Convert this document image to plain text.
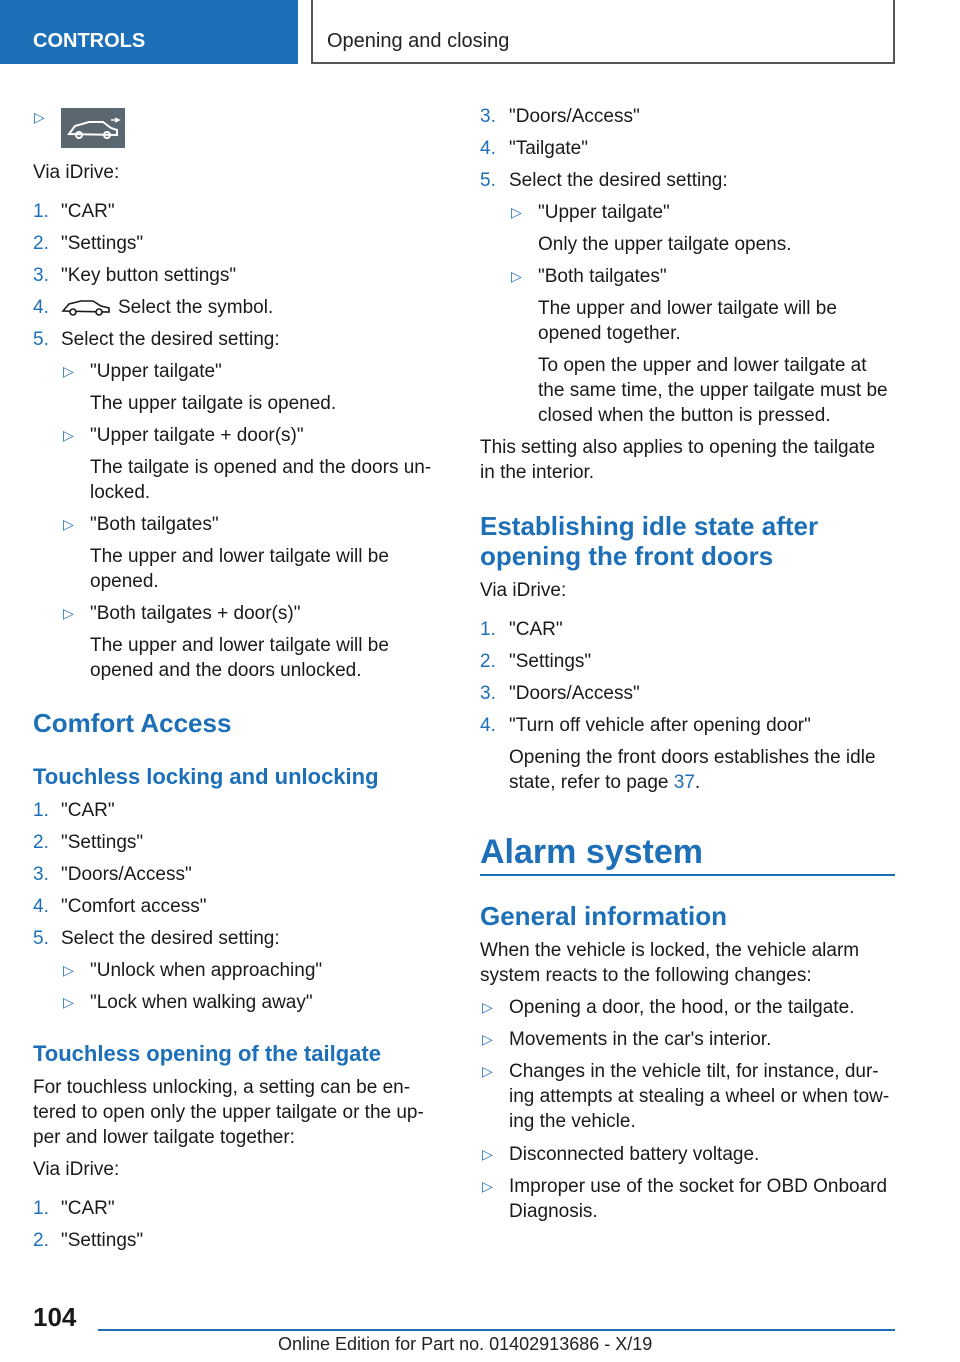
CONTROLS	Opening and closing
▷
Via iDrive:
1. "CAR"
2. "Settings"
3. "Key button settings"
4.	Select the symbol.
5. Select the desired setting:
▷ "Upper tailgate"
The upper tailgate is opened.
▷ "Upper tailgate + door(s)"
The tailgate is opened and the doors un-
locked.
▷ "Both tailgates"
The upper and lower tailgate will be
opened.
▷ "Both tailgates + door(s)"
The upper and lower tailgate will be
opened and the doors unlocked.
Comfort Access
Touchless locking and unlocking
1. "CAR"
2. "Settings"
3. "Doors/Access"
4. "Comfort access"
5. Select the desired setting:
▷ "Unlock when approaching"
▷ "Lock when walking away"
Touchless opening of the tailgate
For touchless unlocking, a setting can be en-
tered to open only the upper tailgate or the up-
per and lower tailgate together:
Via iDrive:
1. "CAR"
2. "Settings"
3. "Doors/Access"
4. "Tailgate"
5. Select the desired setting:
▷ "Upper tailgate"
Only the upper tailgate opens.
▷ "Both tailgates"
The upper and lower tailgate will be
opened together.
To open the upper and lower tailgate at
the same time, the upper tailgate must be
closed when the button is pressed.
This setting also applies to opening the tailgate
in the interior.
Establishing idle state after
opening the front doors
Via iDrive:
1. "CAR"
2. "Settings"
3. "Doors/Access"
4. "Turn off vehicle after opening door"
Opening the front doors establishes the idle
state, refer to page 37.
Alarm system
General information
When the vehicle is locked, the vehicle alarm
system reacts to the following changes:
▷ Opening a door, the hood, or the tailgate.
▷ Movements in the car's interior.
▷ Changes in the vehicle tilt, for instance, dur-
ing attempts at stealing a wheel or when tow-
ing the vehicle.
▷ Disconnected battery voltage.
▷ Improper use of the socket for OBD Onboard
Diagnosis.
104
Online Edition for Part no. 01402913686 - X/19
